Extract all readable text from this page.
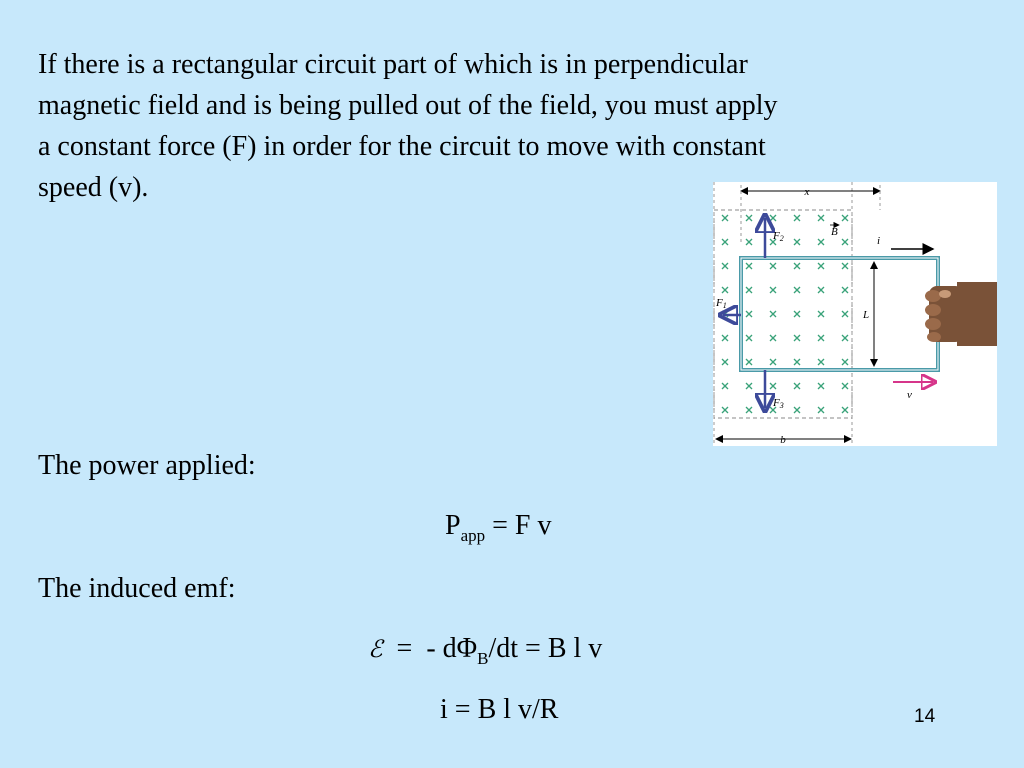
If there is a rectangular circuit part of which is in perpendicular
magnetic field and is being pulled out of the field, you must apply
a constant force (F) in order for the circuit to move with constant
speed (v).	x
b
L
i
B
F2
F1
F3
v
The power applied:
$P_{app} = F$ v
The induced emf:
ℰ  =  - $d\Phi_B/dt = B$ l v
i = B l v/R	14
